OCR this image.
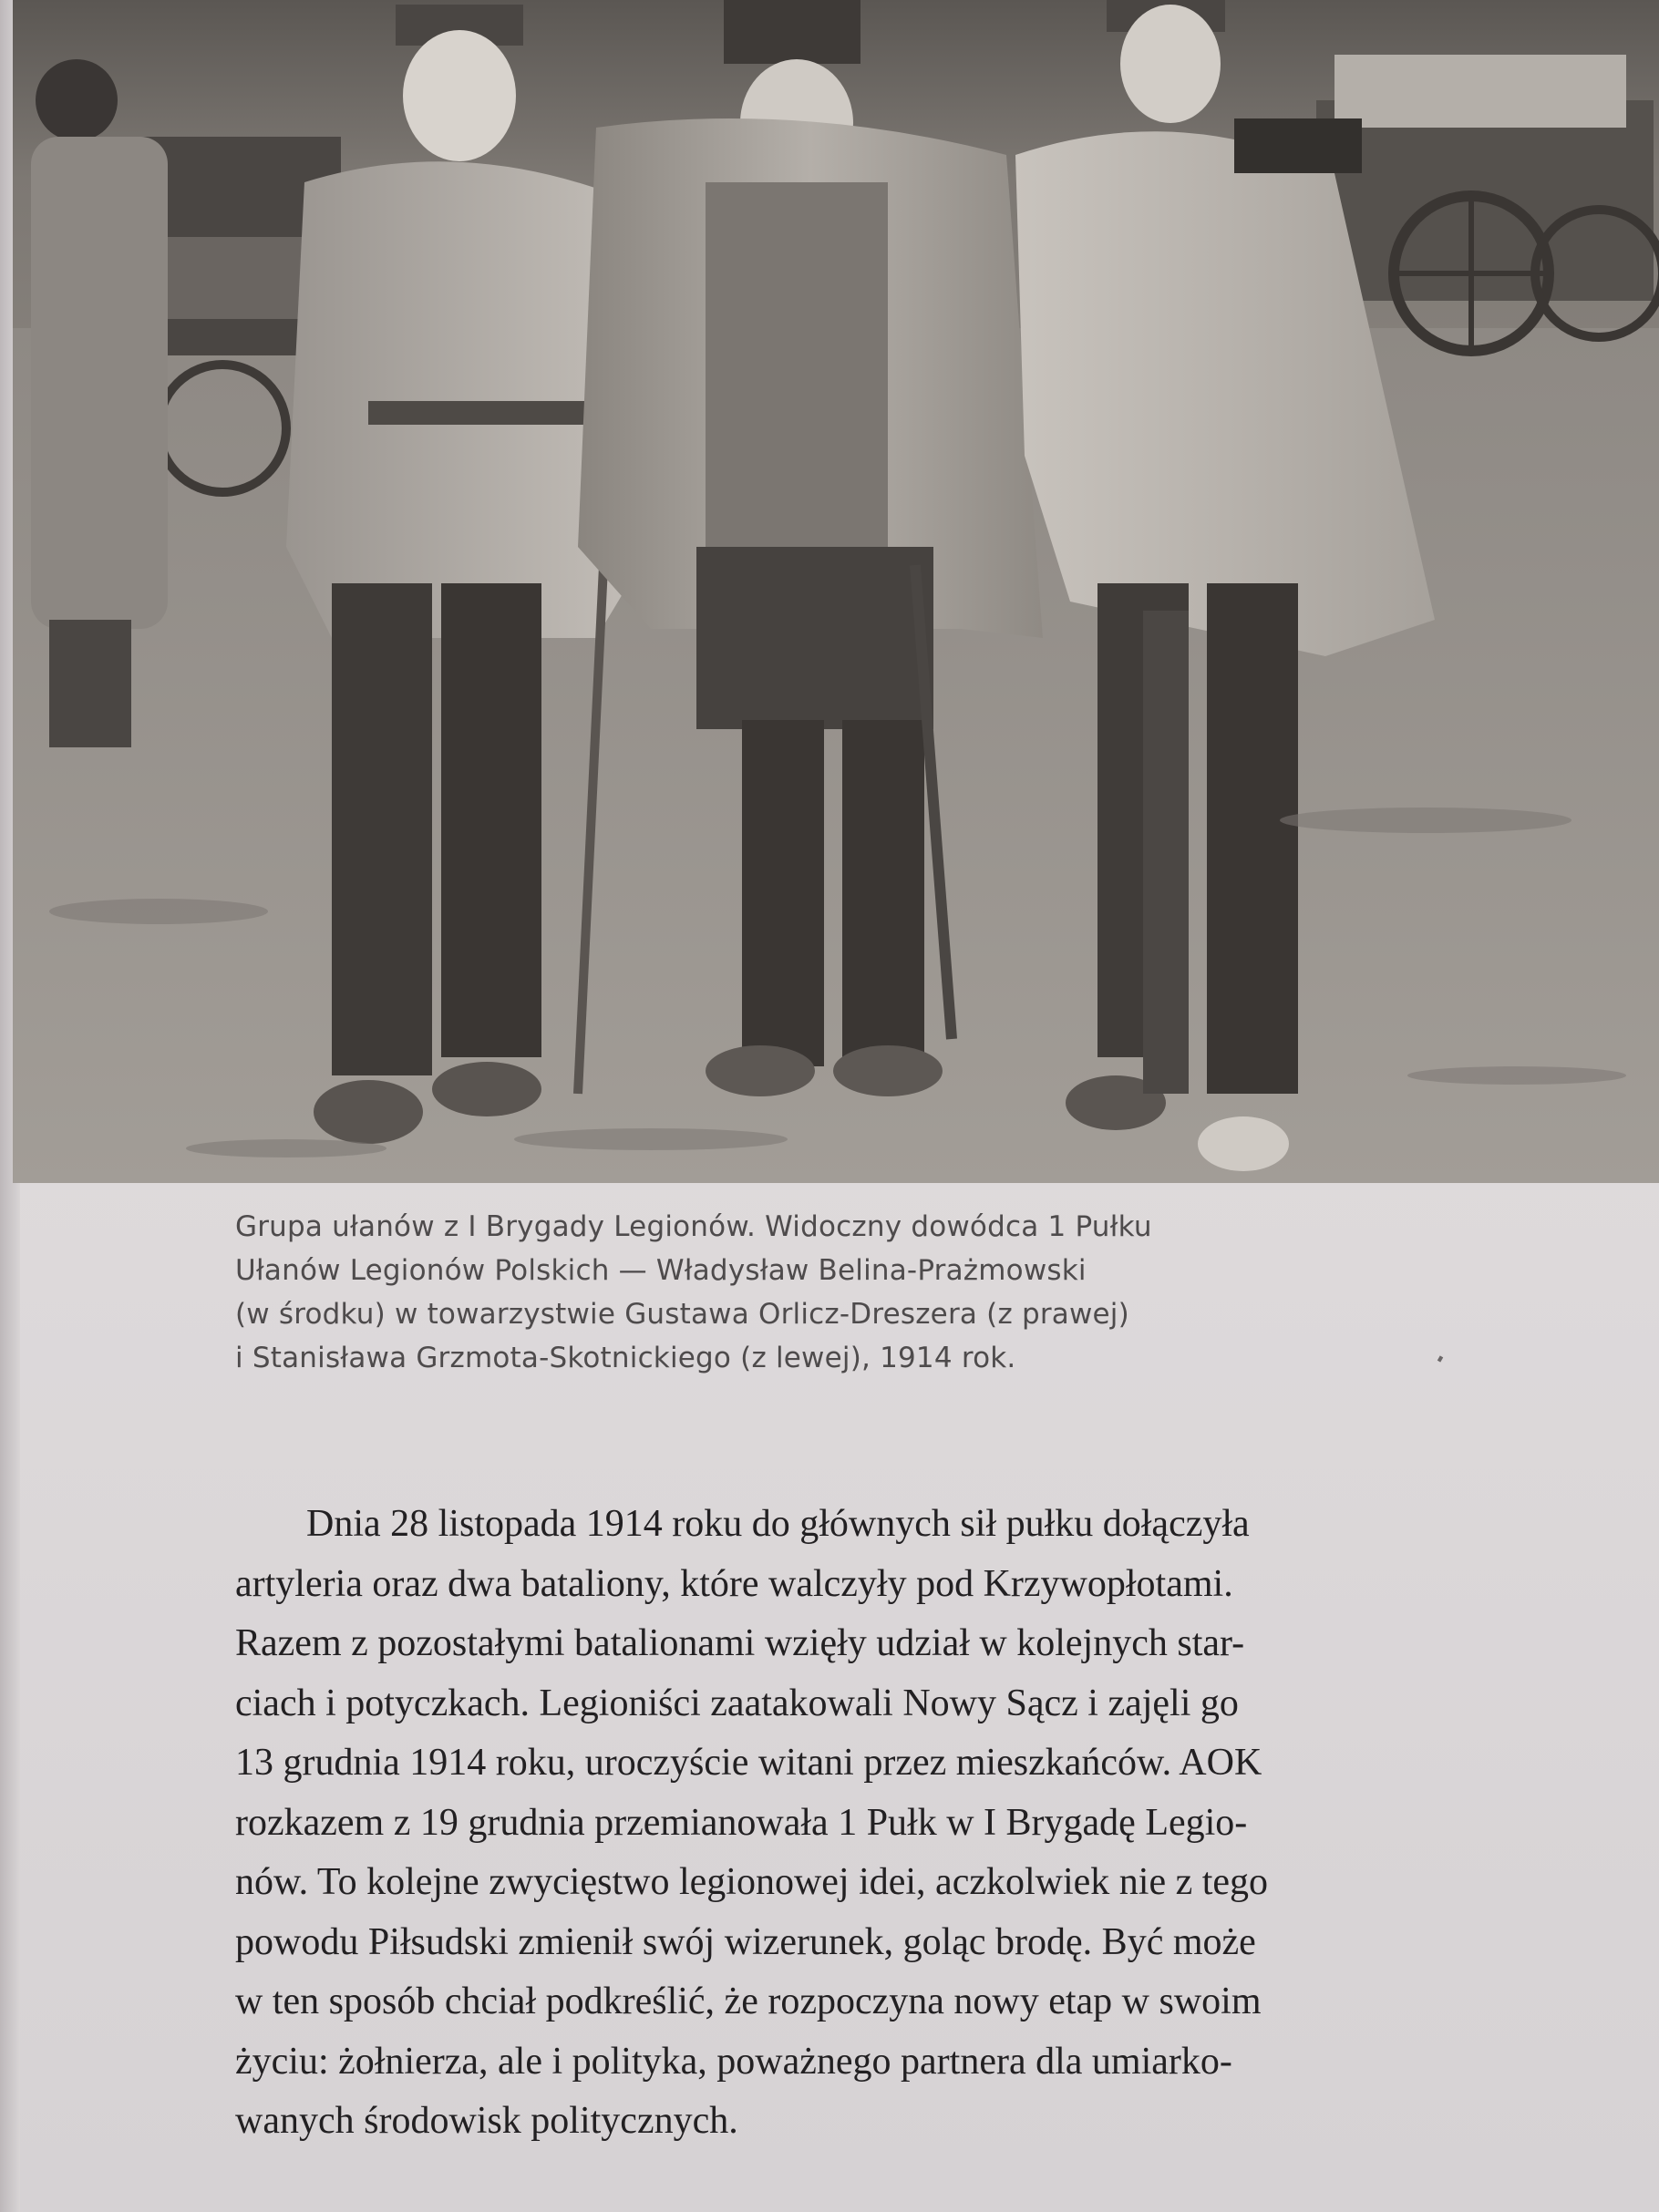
Grupa ułanów z I Brygady Legionów. Widoczny dowódca 1 Pułku
Ułanów Legionów Polskich — Władysław Belina-Prażmowski
(w środku) w towarzystwie Gustawa Orlicz-Dreszera (z prawej)
i Stanisława Grzmota-Skotnickiego (z lewej), 1914 rok.

Dnia 28 listopada 1914 roku do głównych sił pułku dołączyła
artyleria oraz dwa bataliony, które walczyły pod Krzywopłotami.
Razem z pozostałymi batalionami wzięły udział w kolejnych star-
ciach i potyczkach. Legioniści zaatakowali Nowy Sącz i zajęli go
13 grudnia 1914 roku, uroczyście witani przez mieszkańców. AOK
rozkazem z 19 grudnia przemianowała 1 Pułk w I Brygadę Legio-
nów. To kolejne zwycięstwo legionowej idei, aczkolwiek nie z tego
powodu Piłsudski zmienił swój wizerunek, goląc brodę. Być może
w ten sposób chciał podkreślić, że rozpoczyna nowy etap w swoim
życiu: żołnierza, ale i polityka, poważnego partnera dla umiarko-
wanych środowisk politycznych.
